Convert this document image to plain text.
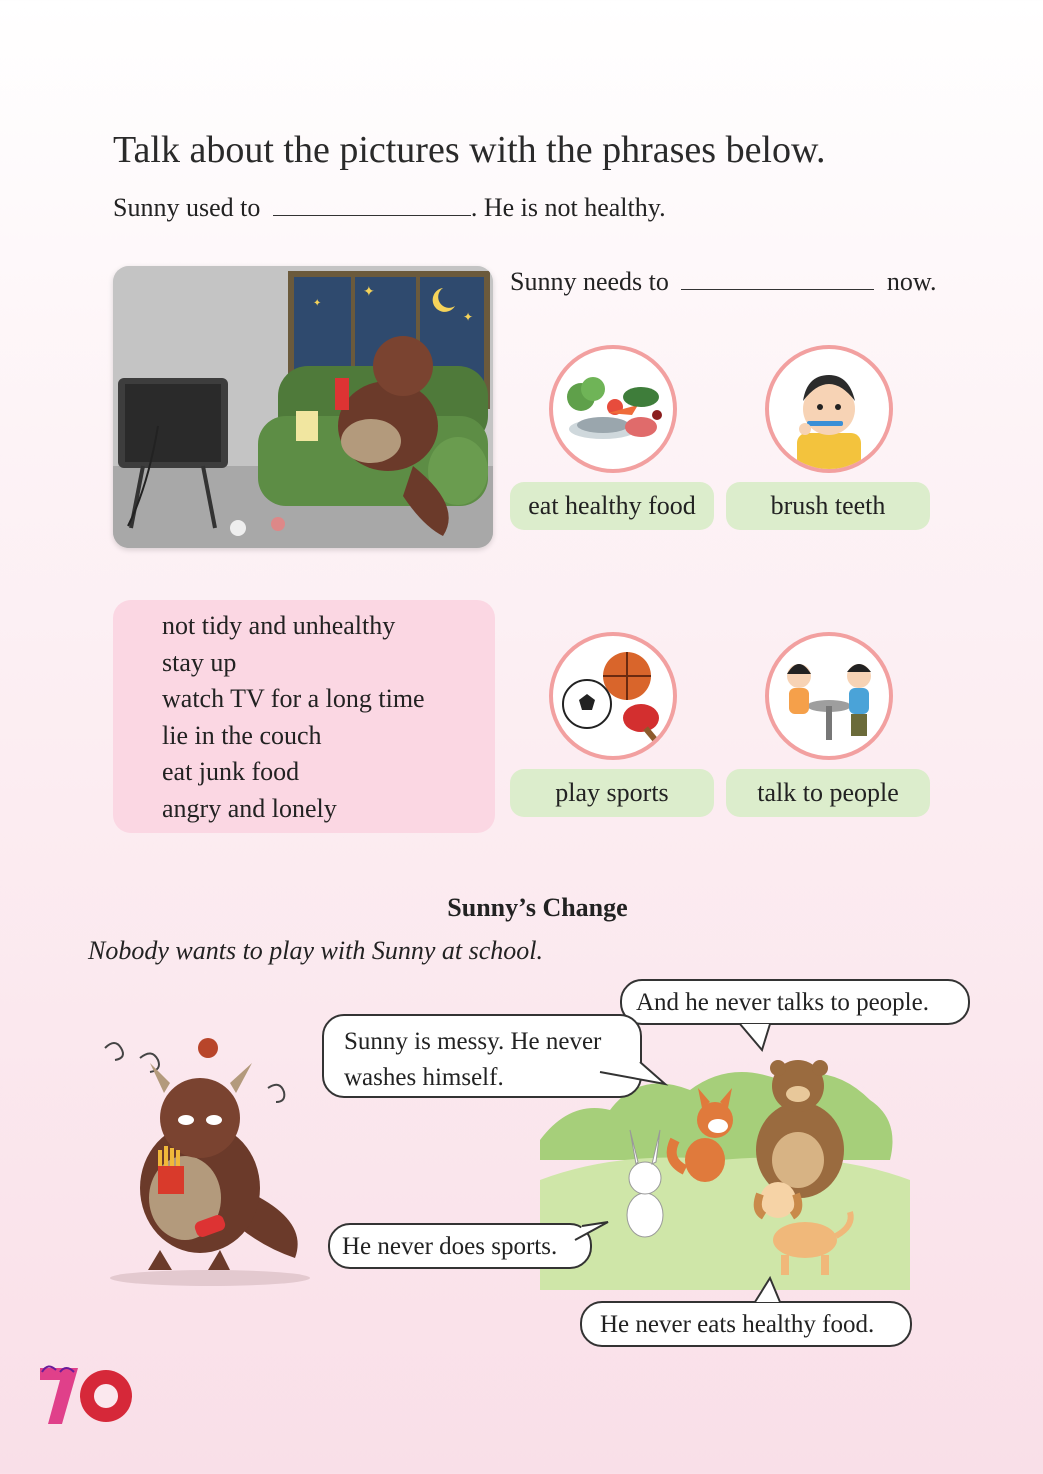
Talk about the pictures with the phrases below.
Sunny used to	. He is not healthy.
✦
✦
✦
Sunny needs to	now.
eat healthy food	brush teeth
not tidy and unhealthy
stay up
watch TV for a long time
lie in the couch
eat junk food
angry and lonely
play sports	talk to people
Sunny’s Change
Nobody wants to play with Sunny at school.
And he never talks to people.
Sunny is messy. He never
washes himself.
He never does sports.
He never eats healthy food.
